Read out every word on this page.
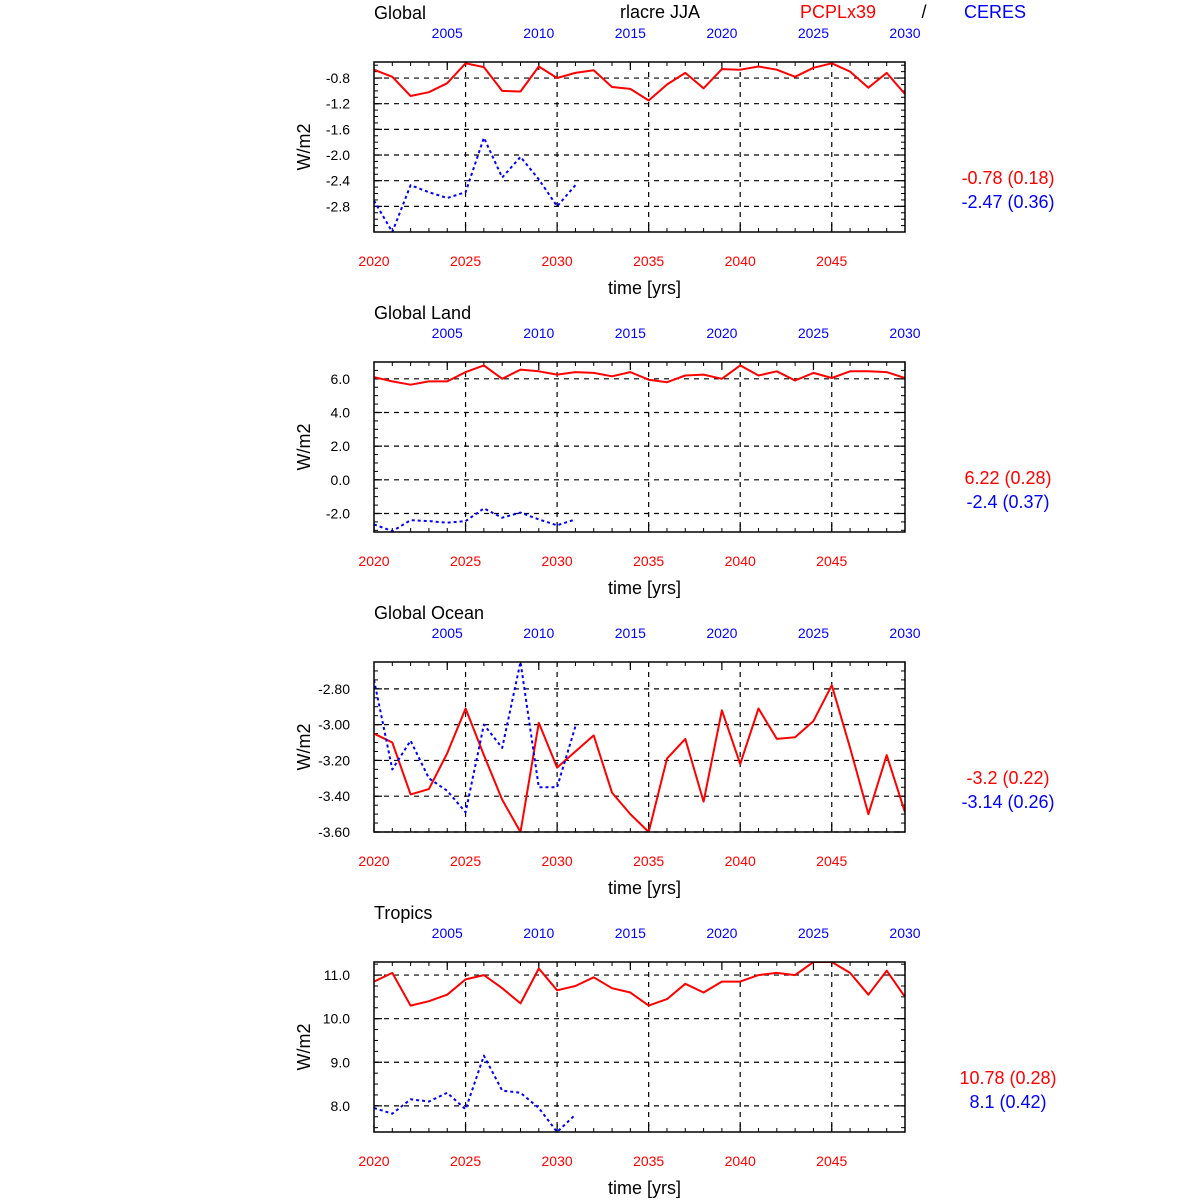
rlacre JJA	PCPLx39	/ CERES
Global
-2.8
-2.4
-2.0
-1.6
-1.2
-0.8
2020	2025	2030	2035	2040	2045
2005	2010	2015	2020	2025	2030
time [yrs]
W/m2
Global Land
-2.0
0.0
2.0
4.0
6.0
2020	2025	2030	2035	2040	2045
2005	2010	2015	2020	2025	2030
time [yrs]
W/m2
Global Ocean
-3.60
-3.40
-3.20
-3.00
-2.80
2020	2025	2030	2035	2040	2045
2005	2010	2015	2020	2025	2030
time [yrs]
W/m2
Tropics
8.0
9.0
10.0
11.0
2020	2025	2030	2035	2040	2045
2005	2010	2015	2020	2025	2030
time [yrs]
W/m2
-0.78 (0.18)
-2.47 (0.36)
6.22 (0.28)
-2.4 (0.37)
-3.2 (0.22)
-3.14 (0.26)
10.78 (0.28)
8.1 (0.42)
